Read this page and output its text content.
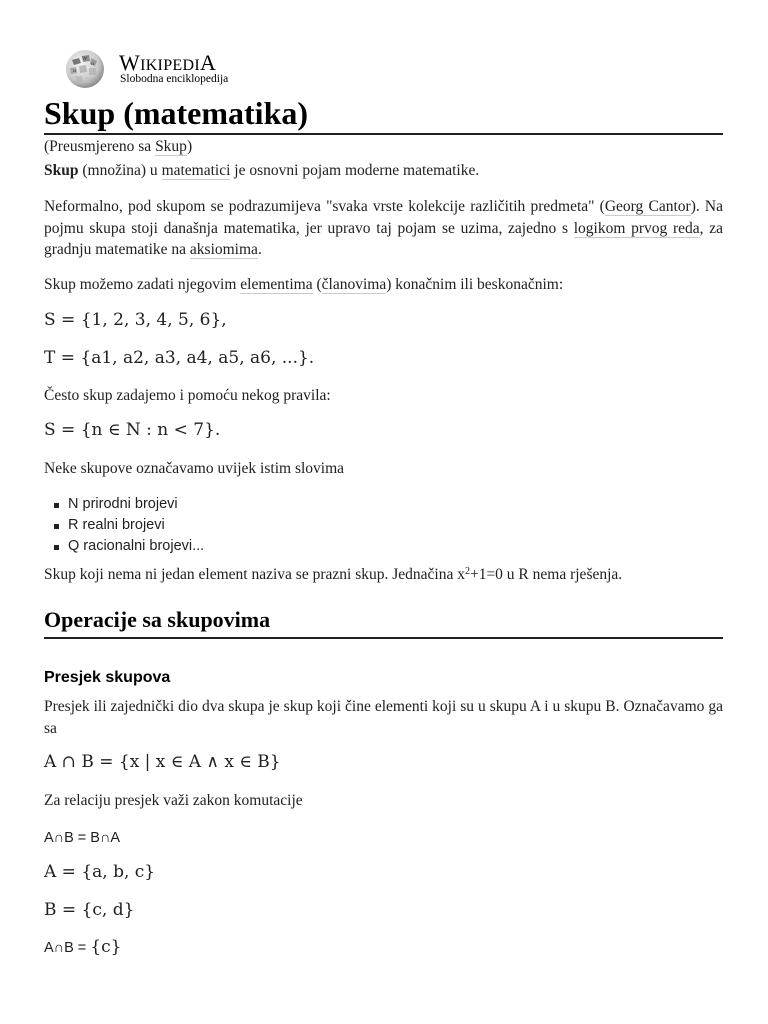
W
Ω
И WIKIPEDIA
Slobodna enciklopedija
Skup (matematika)
(Preusmjereno sa Skup)

Skup (množina) u matematici je osnovni pojam moderne matematike.

Neformalno, pod skupom se podrazumijeva "svaka vrste kolekcije različitih predmeta" (Georg Cantor). Na pojmu skupa stoji današnja matematika, jer upravo taj pojam se uzima, zajedno s logikom prvog reda, za gradnju matematike na aksiomima.

Skup možemo zadati njegovim elementima (članovima) konačnim ili beskonačnim:

S = {1, 2, 3, 4, 5, 6},
T = {a1, a2, a3, a4, a5, a6, ...}.

Često skup zadajemo i pomoću nekog pravila:

S = {n ∈ N : n < 7}.

Neke skupove označavamo uvijek istim slovima

N prirodni brojevi
R realni brojevi
Q racionalni brojevi...

Skup koji nema ni jedan element naziva se prazni skup. Jednačina $x^2+1=0$ u R nema rješenja.

Operacije sa skupovima
Presjek skupova

Presjek ili zajednički dio dva skupa je skup koji čine elementi koji su u skupu A i u skupu B. Označavamo ga sa

A ∩ B = {x | x ∈ A ∧ x ∈ B}

Za relaciju presjek važi zakon komutacije

A∩B = B∩A

A = {a, b, c}
B = {c, d}

A∩B = {c}
